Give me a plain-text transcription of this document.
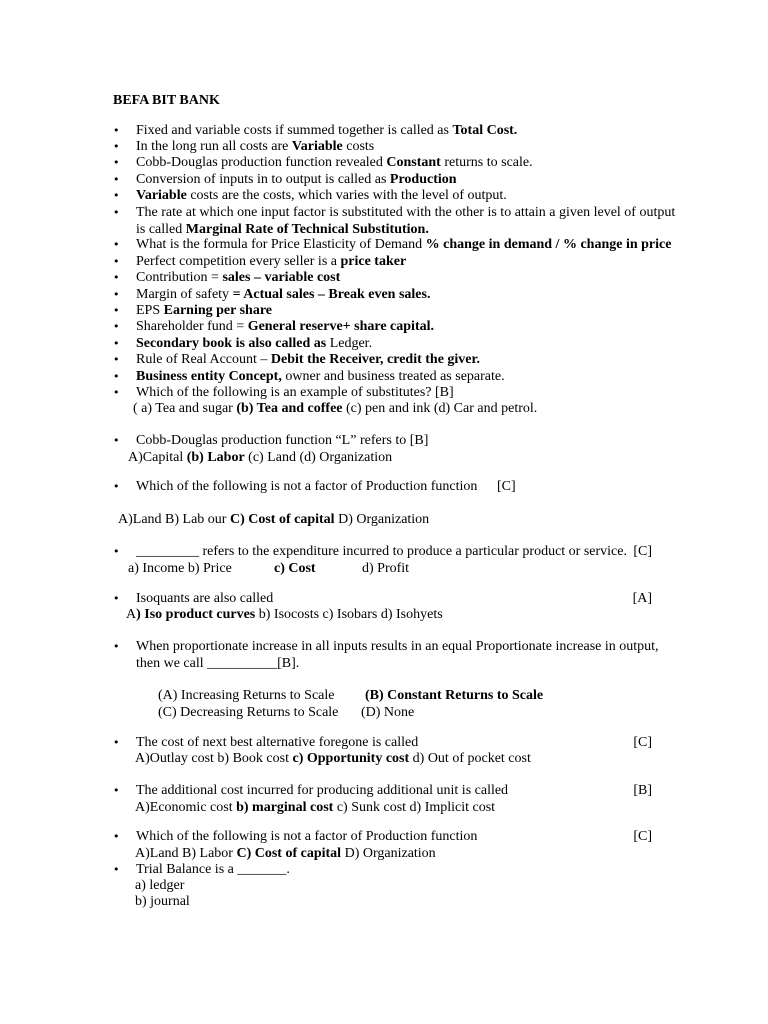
BEFA BIT BANK
• Fixed and variable costs if summed together is called as Total Cost.
• In the long run all costs are Variable costs
• Cobb-Douglas production function revealed Constant returns to scale.
• Conversion of inputs in to output is called as Production
• Variable costs are the costs, which varies with the level of output.
• The rate at which one input factor is substituted with the other is to attain a given level of output is called Marginal Rate of Technical Substitution.
• What is the formula for Price Elasticity of Demand % change in demand / % change in price
• Perfect competition every seller is a price taker
• Contribution = sales – variable cost
• Margin of safety = Actual sales – Break even sales.
• EPS Earning per share
• Shareholder fund = General reserve+ share capital.
• Secondary book is also called as Ledger.
• Rule of Real Account – Debit the Receiver, credit the giver.
• Business entity Concept, owner and business treated as separate.
• Which of the following is an example of substitutes? [B]
( a) Tea and sugar (b) Tea and coffee (c) pen and ink (d) Car and petrol.
• Cobb-Douglas production function “L” refers to [B]
A)Capital (b) Labor (c) Land (d) Organization
• Which of the following is not a factor of Production function [C]
A)Land B) Lab our C) Cost of capital D) Organization
• _________ refers to the expenditure incurred to produce a particular product or service. [C]
a) Income b) Price	c) Cost	d) Profit
• Isoquants are also called	[A]
A) Iso product curves b) Isocosts c) Isobars d) Isohyets
• When proportionate increase in all inputs results in an equal Proportionate increase in output,
then we call __________[B].
(A) Increasing Returns to Scale (B) Constant Returns to Scale
(C) Decreasing Returns to Scale (D) None
• The cost of next best alternative foregone is called	[C]
A)Outlay cost b) Book cost c) Opportunity cost d) Out of pocket cost
• The additional cost incurred for producing additional unit is called	[B]
A)Economic cost b) marginal cost c) Sunk cost d) Implicit cost
• Which of the following is not a factor of Production function	[C]
A)Land B) Labor C) Cost of capital D) Organization
• Trial Balance is a _______.
a) ledger
b) journal
